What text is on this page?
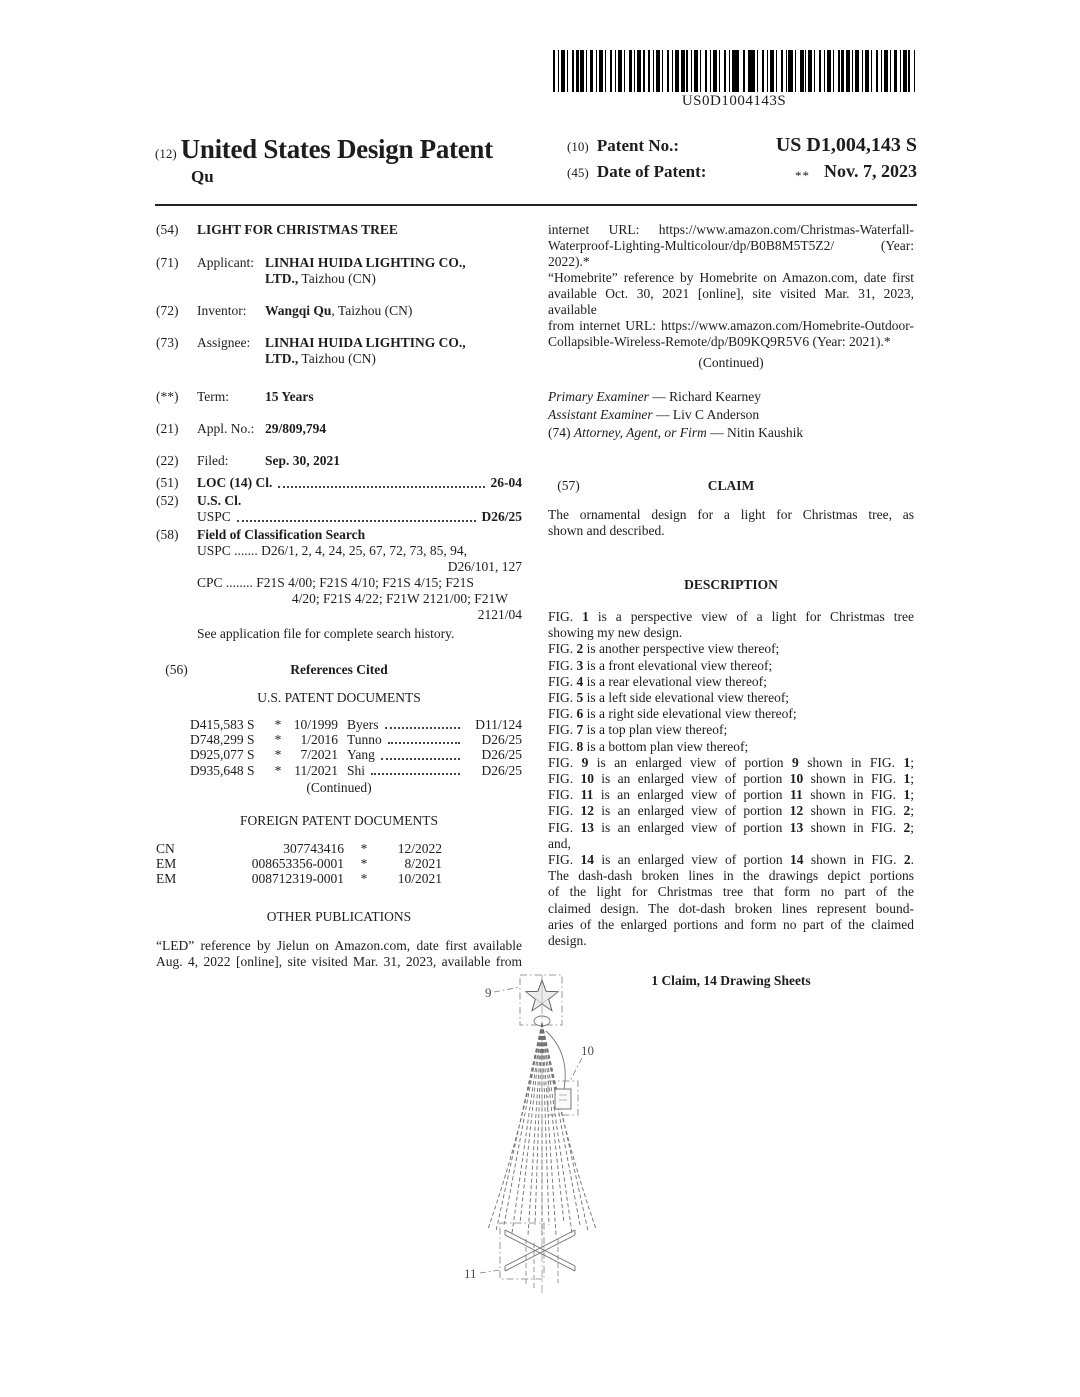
US0D1004143S
(12) United States Design Patent
Qu
(10) Patent No.:	US D1,004,143 S
(45) Date of Patent:	** Nov. 7, 2023
(54)	LIGHT FOR CHRISTMAS TREE
(71)	Applicant: LINHAI HUIDA LIGHTING CO.,
LTD., Taizhou (CN)
(72)	Inventor:	Wangqi Qu, Taizhou (CN)
(73)	Assignee:	LINHAI HUIDA LIGHTING CO.,
LTD., Taizhou (CN)
(**)	Term:	15 Years
(21)	Appl. No.: 29/809,794
(22)	Filed:	Sep. 30, 2021
(51)	LOC (14) Cl.	26-04
(52)	U.S. Cl.
USPC	D26/25
(58)	Field of Classification Search
USPC ....... D26/1, 2, 4, 24, 25, 67, 72, 73, 85, 94,
D26/101, 127
CPC ........ F21S 4/00; F21S 4/10; F21S 4/15; F21S
4/20; F21S 4/22; F21W 2121/00; F21W
2121/04
See application file for complete search history.
(56)	References Cited
U.S. PATENT DOCUMENTS
D415,583 S	* 10/1999 Byers	D11/124
D748,299 S	*	1/2016 Tunno	D26/25
D925,077 S	*	7/2021 Yang	D26/25
D935,648 S	* 11/2021 Shi	D26/25
(Continued)
FOREIGN PATENT DOCUMENTS
CN	307743416	*	12/2022
EM	008653356-0001	*	8/2021
EM	008712319-0001	*	10/2021
OTHER PUBLICATIONS
“LED” reference by Jielun on Amazon.com, date first available
Aug. 4, 2022 [online], site visited Mar. 31, 2023, available from
internet URL: https://www.amazon.com/Christmas-Waterfall-
Waterproof-Lighting-Multicolour/dp/B0B8M5T5Z2/ (Year: 2022).*
“Homebrite” reference by Homebrite on Amazon.com, date first
available Oct. 30, 2021 [online], site visited Mar. 31, 2023, available
from internet URL: https://www.amazon.com/Homebrite-Outdoor-
Collapsible-Wireless-Remote/dp/B09KQ9R5V6 (Year: 2021).*
(Continued)
Primary Examiner — Richard Kearney
Assistant Examiner — Liv C Anderson
(74) Attorney, Agent, or Firm — Nitin Kaushik
(57)	CLAIM
The ornamental design for a light for Christmas tree, as
shown and described.
DESCRIPTION
FIG. 1 is a perspective view of a light for Christmas tree
showing my new design.
FIG. 2 is another perspective view thereof;
FIG. 3 is a front elevational view thereof;
FIG. 4 is a rear elevational view thereof;
FIG. 5 is a left side elevational view thereof;
FIG. 6 is a right side elevational view thereof;
FIG. 7 is a top plan view thereof;
FIG. 8 is a bottom plan view thereof;
FIG. 9 is an enlarged view of portion 9 shown in FIG. 1;
FIG. 10 is an enlarged view of portion 10 shown in FIG. 1;
FIG. 11 is an enlarged view of portion 11 shown in FIG. 1;
FIG. 12 is an enlarged view of portion 12 shown in FIG. 2;
FIG. 13 is an enlarged view of portion 13 shown in FIG. 2;
and,
FIG. 14 is an enlarged view of portion 14 shown in FIG. 2.
The dash-dash broken lines in the drawings depict portions
of the light for Christmas tree that form no part of the
claimed design. The dot-dash broken lines represent bound-
aries of the enlarged portions and form no part of the claimed
design.
1 Claim, 14 Drawing Sheets
9
10
11
